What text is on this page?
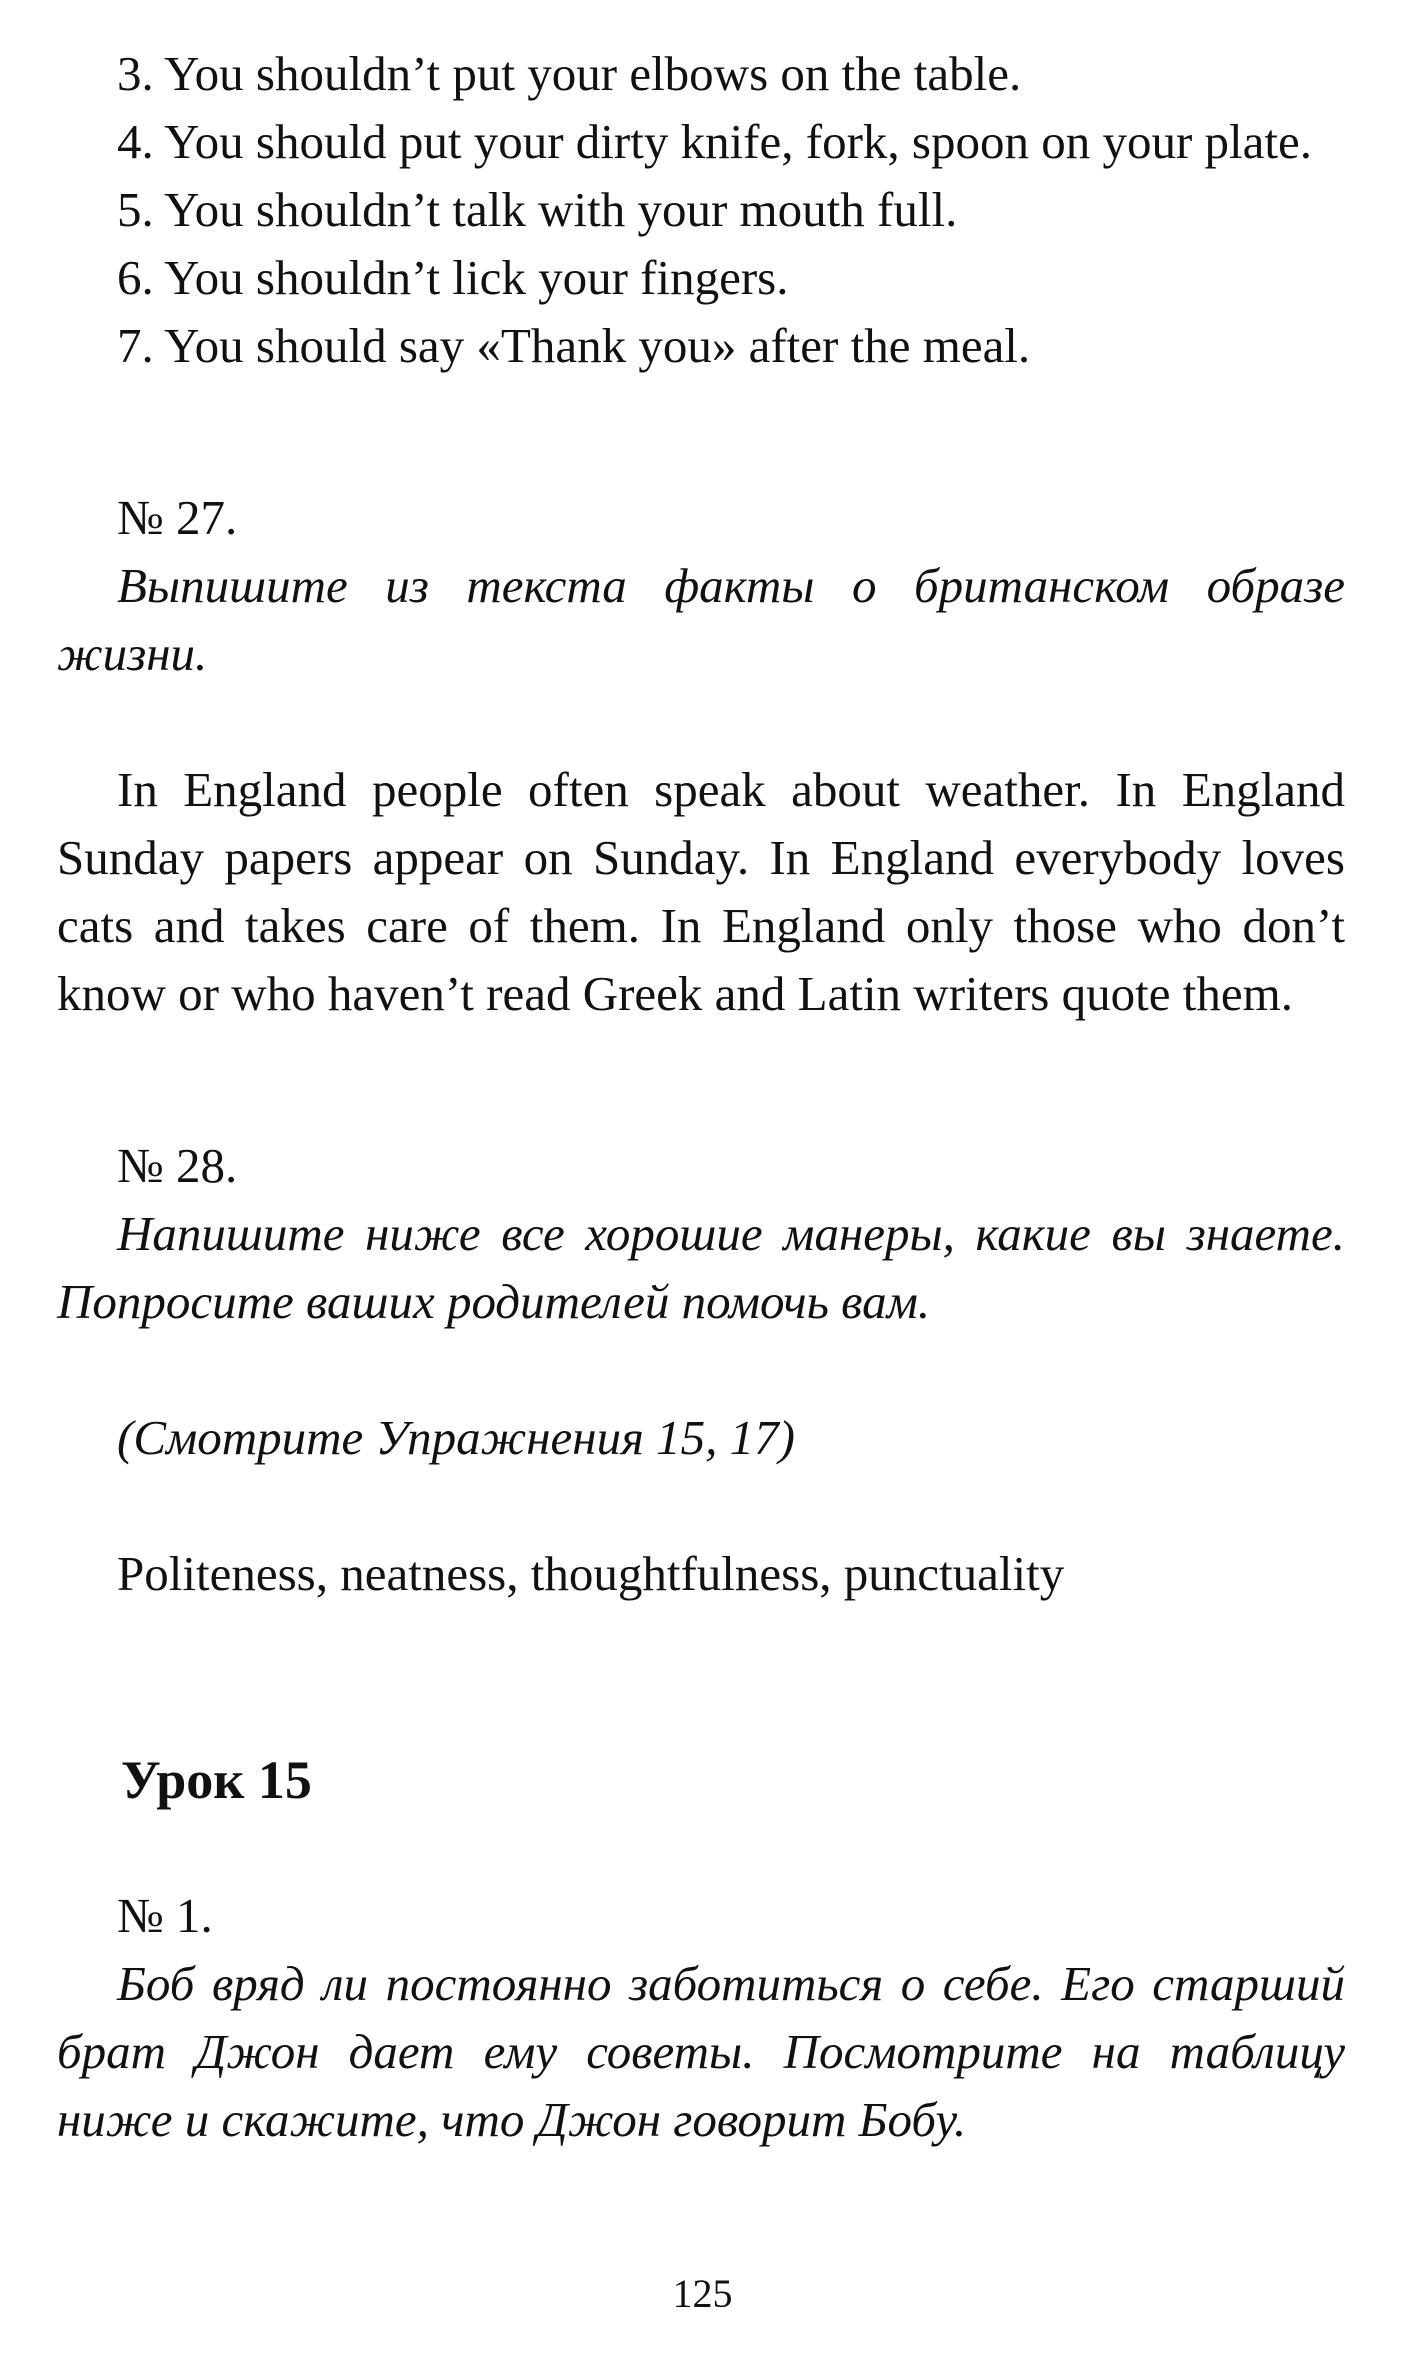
3. You shouldn’t put your elbows on the table.

4. You should put your dirty knife, fork, spoon on your plate.

5. You shouldn’t talk with your mouth full.

6. You shouldn’t lick your fingers.

7. You should say «Thank you» after the meal.

№ 27.

Выпишите из текста факты о британском образе жизни.

In England people often speak about weather. In England Sunday papers appear on Sunday. In England everybody loves cats and takes care of them. In England only those who don’t know or who haven’t read Greek and Latin writers quote them.

№ 28.

Напишите ниже все хорошие манеры, какие вы знаете. Попросите ваших родителей помочь вам.

(Смотрите Упражнения 15, 17)

Politeness, neatness, thoughtfulness, punctuality

Урок 15

№ 1.

Боб вряд ли постоянно заботиться о себе. Его старший брат Джон дает ему советы. Посмотрите на таблицу ниже и скажите, что Джон говорит Бобу.

125
